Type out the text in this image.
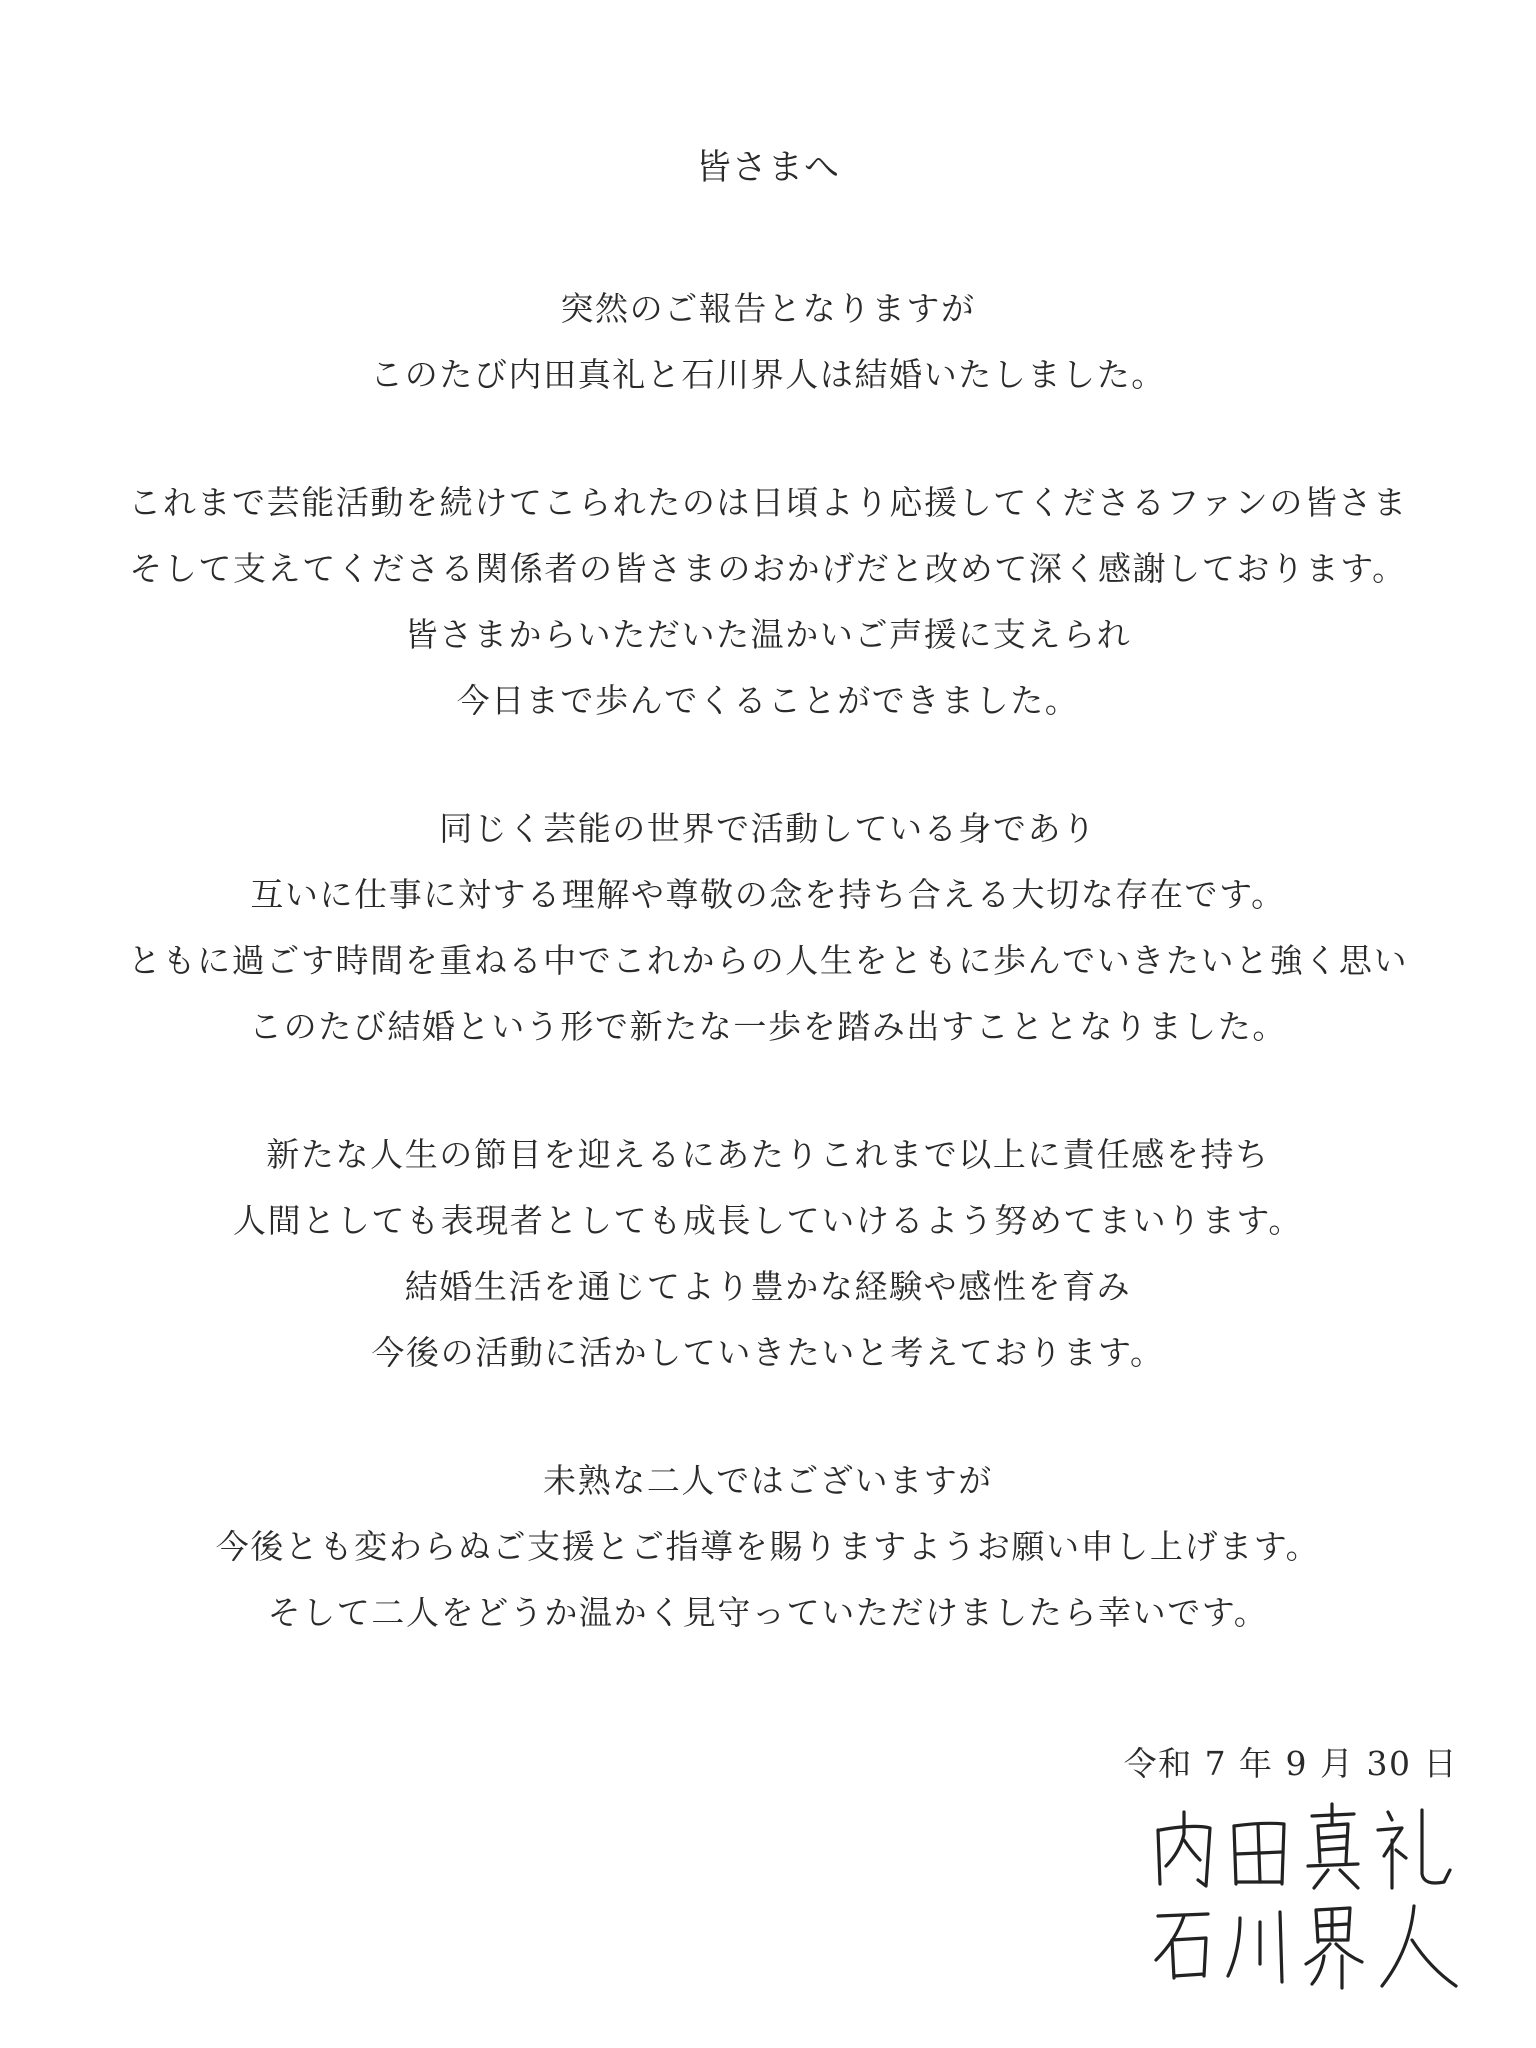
皆さまへ
突然のご報告となりますが
このたび内田真礼と石川界人は結婚いたしました。
これまで芸能活動を続けてこられたのは日頃より応援してくださるファンの皆さま
そして支えてくださる関係者の皆さまのおかげだと改めて深く感謝しております。
皆さまからいただいた温かいご声援に支えられ
今日まで歩んでくることができました。
同じく芸能の世界で活動している身であり
互いに仕事に対する理解や尊敬の念を持ち合える大切な存在です。
ともに過ごす時間を重ねる中でこれからの人生をともに歩んでいきたいと強く思い
このたび結婚という形で新たな一歩を踏み出すこととなりました。
新たな人生の節目を迎えるにあたりこれまで以上に責任感を持ち
人間としても表現者としても成長していけるよう努めてまいります。
結婚生活を通じてより豊かな経験や感性を育み
今後の活動に活かしていきたいと考えております。
未熟な二人ではございますが
今後とも変わらぬご支援とご指導を賜りますようお願い申し上げます。
そして二人をどうか温かく見守っていただけましたら幸いです。
令和 7 年 9 月 30 日
